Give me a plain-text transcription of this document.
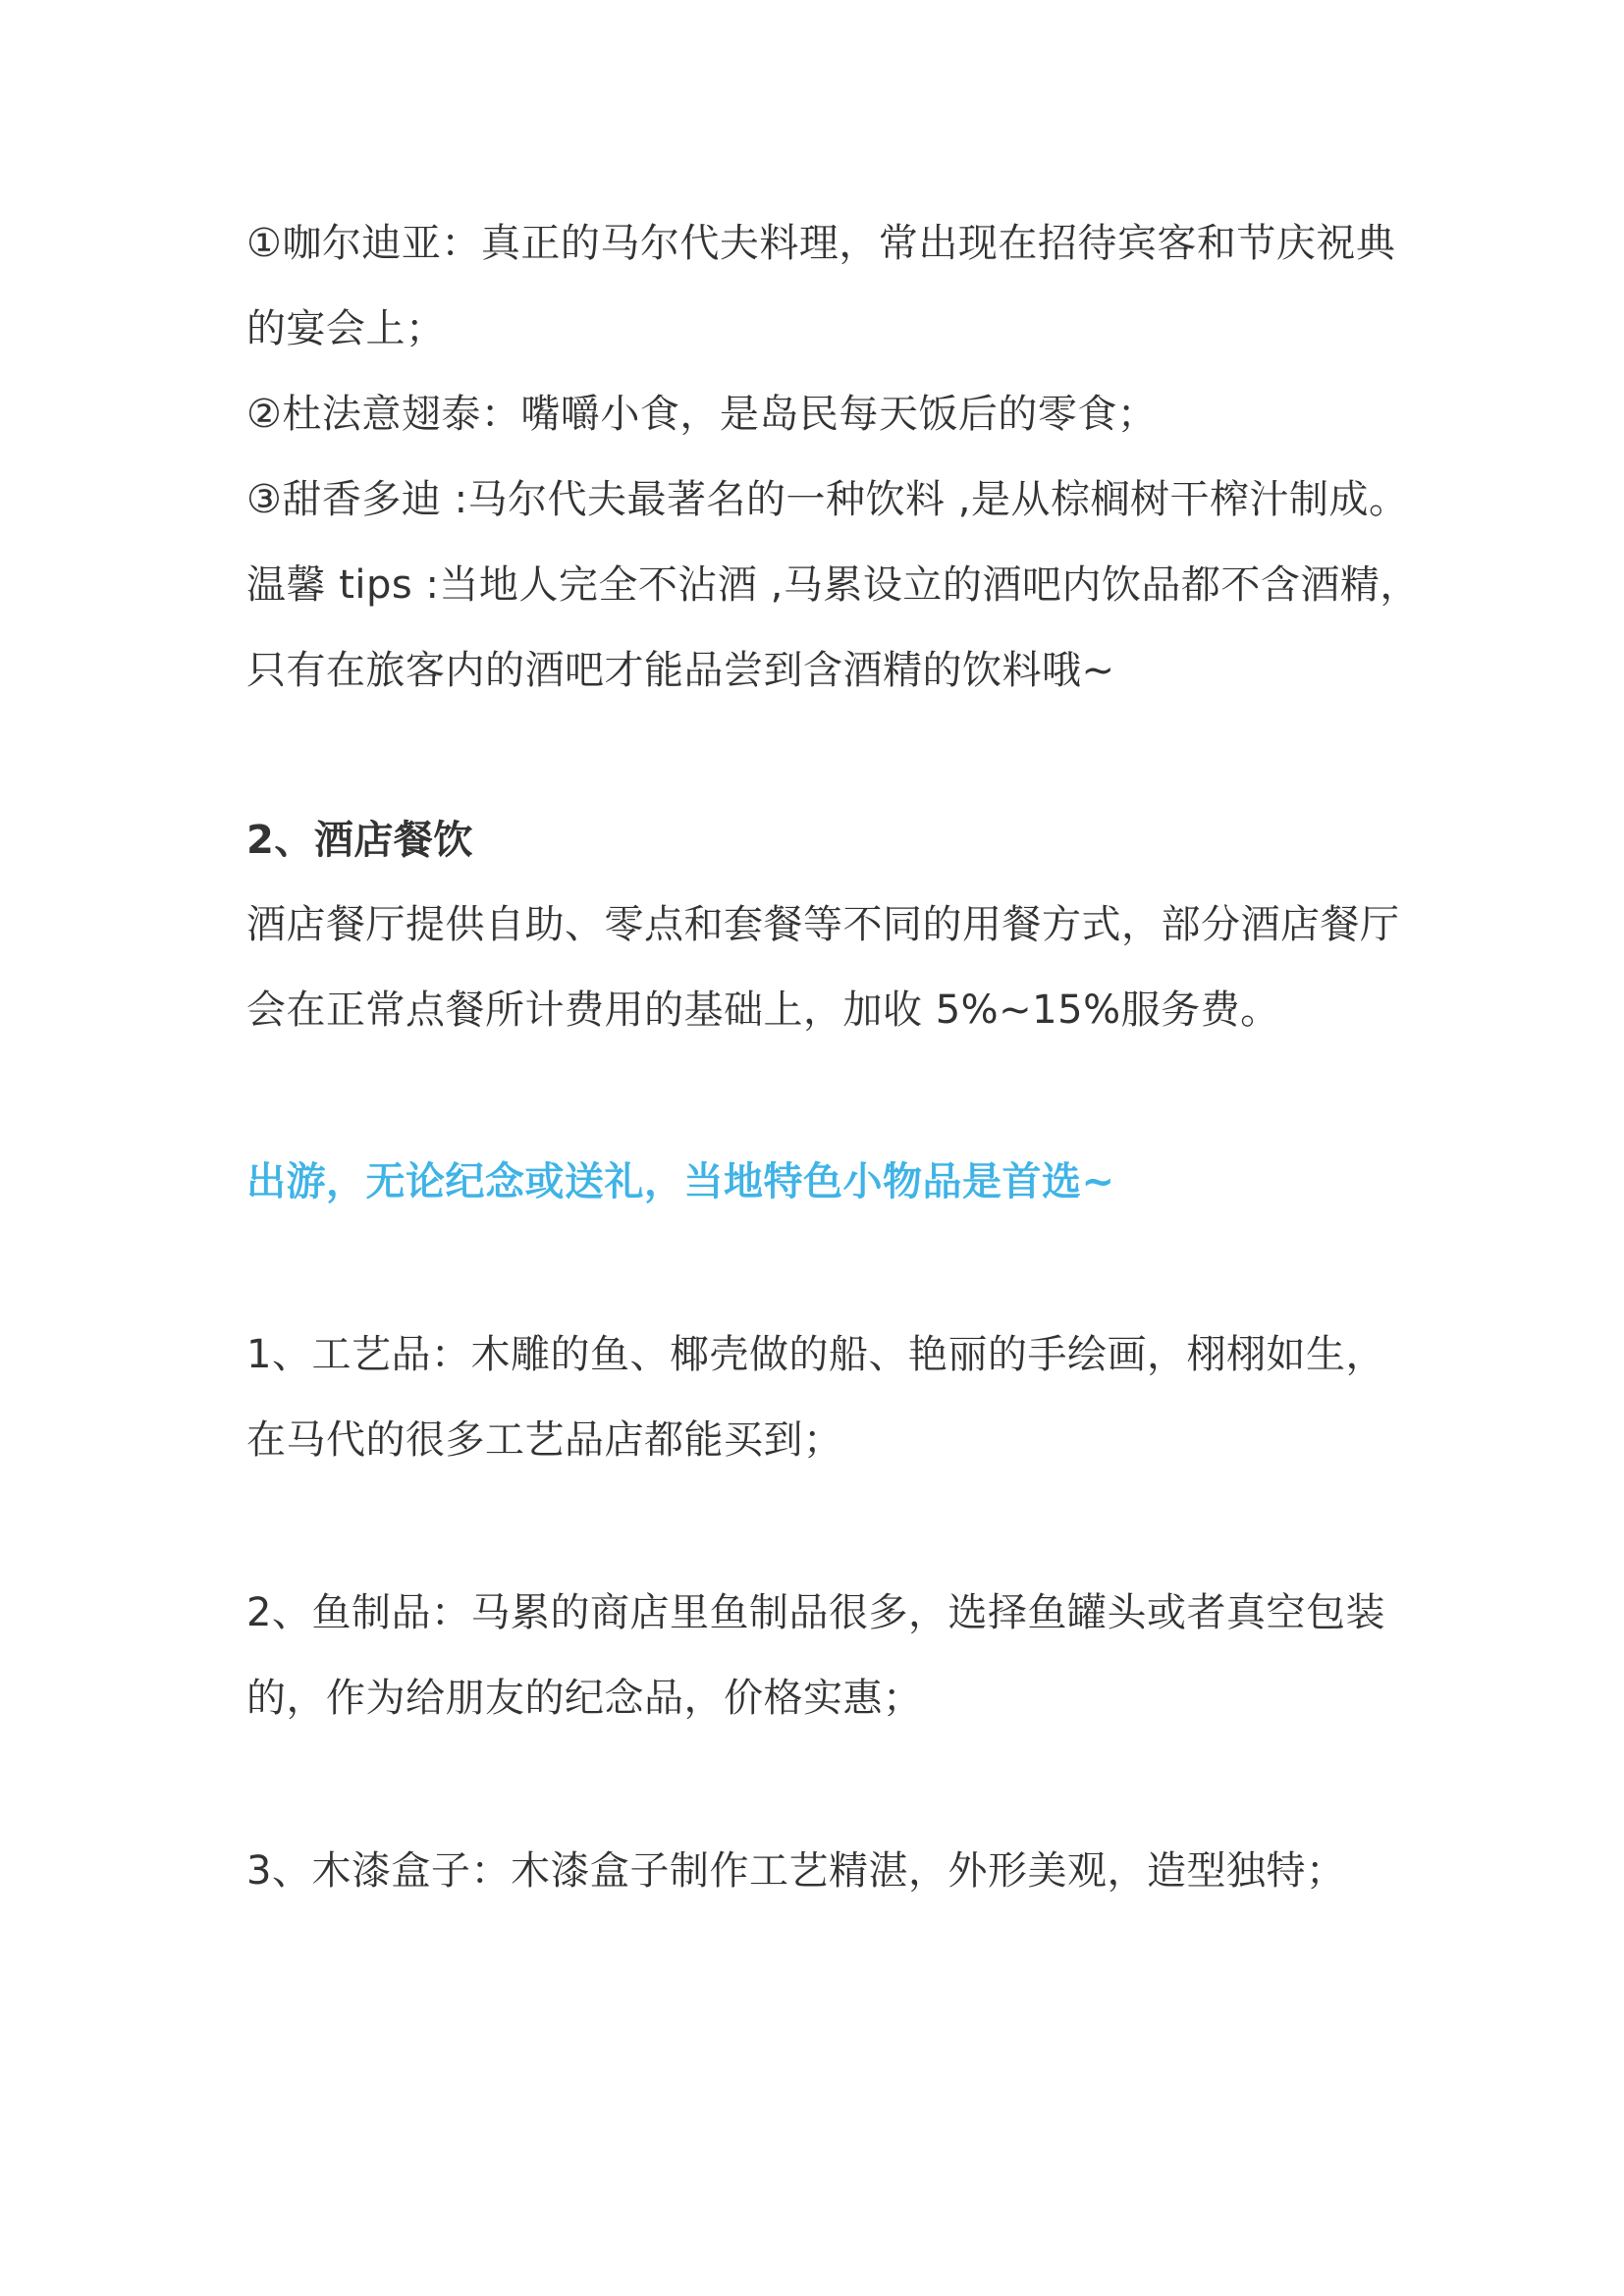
①咖尔迪亚：真正的马尔代夫料理，常出现在招待宾客和节庆祝典
的宴会上；
②杜法意翅泰：嘴嚼小食，是岛民每天饭后的零食；
③甜香多迪 :马尔代夫最著名的一种饮料 ,是从棕榈树干榨汁制成。
温馨 tips :当地人完全不沾酒 ,马累设立的酒吧内饮品都不含酒精，
只有在旅客内的酒吧才能品尝到含酒精的饮料哦~
2、酒店餐饮
酒店餐厅提供自助、零点和套餐等不同的用餐方式，部分酒店餐厅
会在正常点餐所计费用的基础上，加收 5%~15%服务费。
出游，无论纪念或送礼，当地特色小物品是首选~
1、工艺品：木雕的鱼、椰壳做的船、艳丽的手绘画，栩栩如生，
在马代的很多工艺品店都能买到；
2、鱼制品：马累的商店里鱼制品很多，选择鱼罐头或者真空包装
的，作为给朋友的纪念品，价格实惠；
3、木漆盒子：木漆盒子制作工艺精湛，外形美观，造型独特；
